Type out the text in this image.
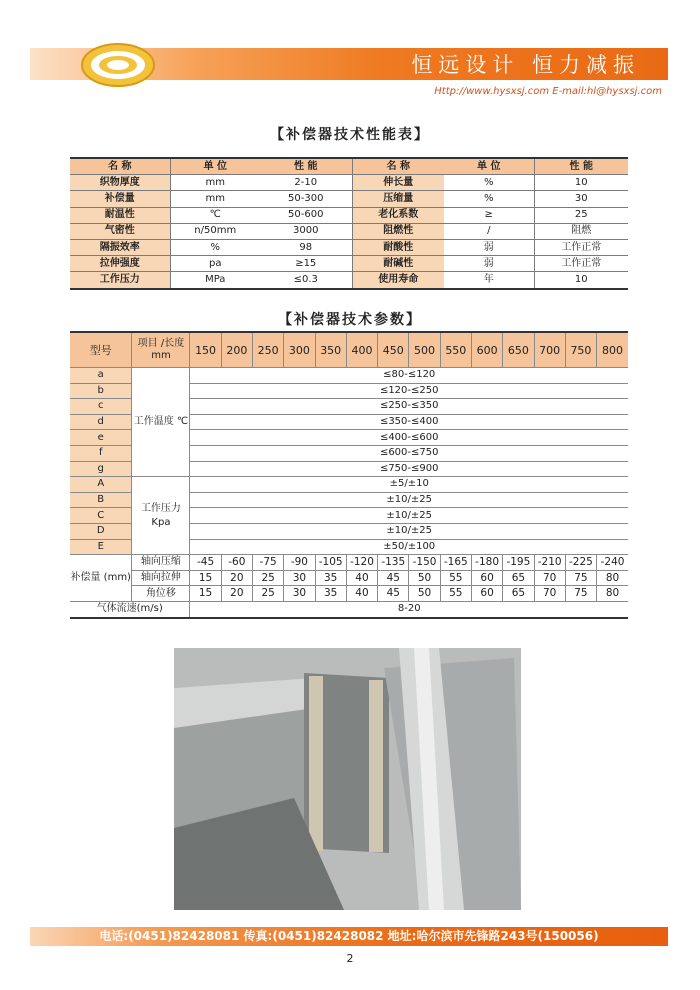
恒远设计 恒力减振
Http://www.hysxsj.com E-mail:hl@hysxsj.com
【补偿器技术性能表】
名 称	单 位	性 能	名 称	单 位	性 能
织物厚度	mm	2-10	伸长量	%	10
补偿量	mm	50-300	压缩量	%	30
耐温性	℃	50-600	老化系数	≥	25
气密性	n/50mm	3000	阻燃性	/	阻燃
隔振效率	%	98	耐酸性	弱	工作正常
拉伸强度	pa	≥15	耐碱性	弱	工作正常
工作压力	MPa	≤0.3	使用寿命	年	10
【补偿器技术参数】
型号	项目 /长度mm	150	200	250	300	350	400	450	500	550	600	650	700	750	800
a	工作温度 ℃	≤80-≤120													
b		≤120-≤250													
c		≤250-≤350													
d		≤350-≤400													
e		≤400-≤600													
f		≤600-≤750													
g		≤750-≤900													
A	工作压力 Kpa	±5/±10													
B		±10/±25													
C		±10/±25													
D		±10/±25													
E		±50/±100													
补偿量 (mm)	轴向压缩	-45	-60	-75	-90	-105	-120	-135	-150	-165	-180	-195	-210	-225	-240
	轴向拉伸	15	20	25	30	35	40	45	50	55	60	65	70	75	80
	角位移	15	20	25	30	35	40	45	50	55	60	65	70	75	80
气体流速(m/s)		8-20													
电话:(0451)82428081 传真:(0451)82428082 地址:哈尔滨市先锋路243号(150056)
2
